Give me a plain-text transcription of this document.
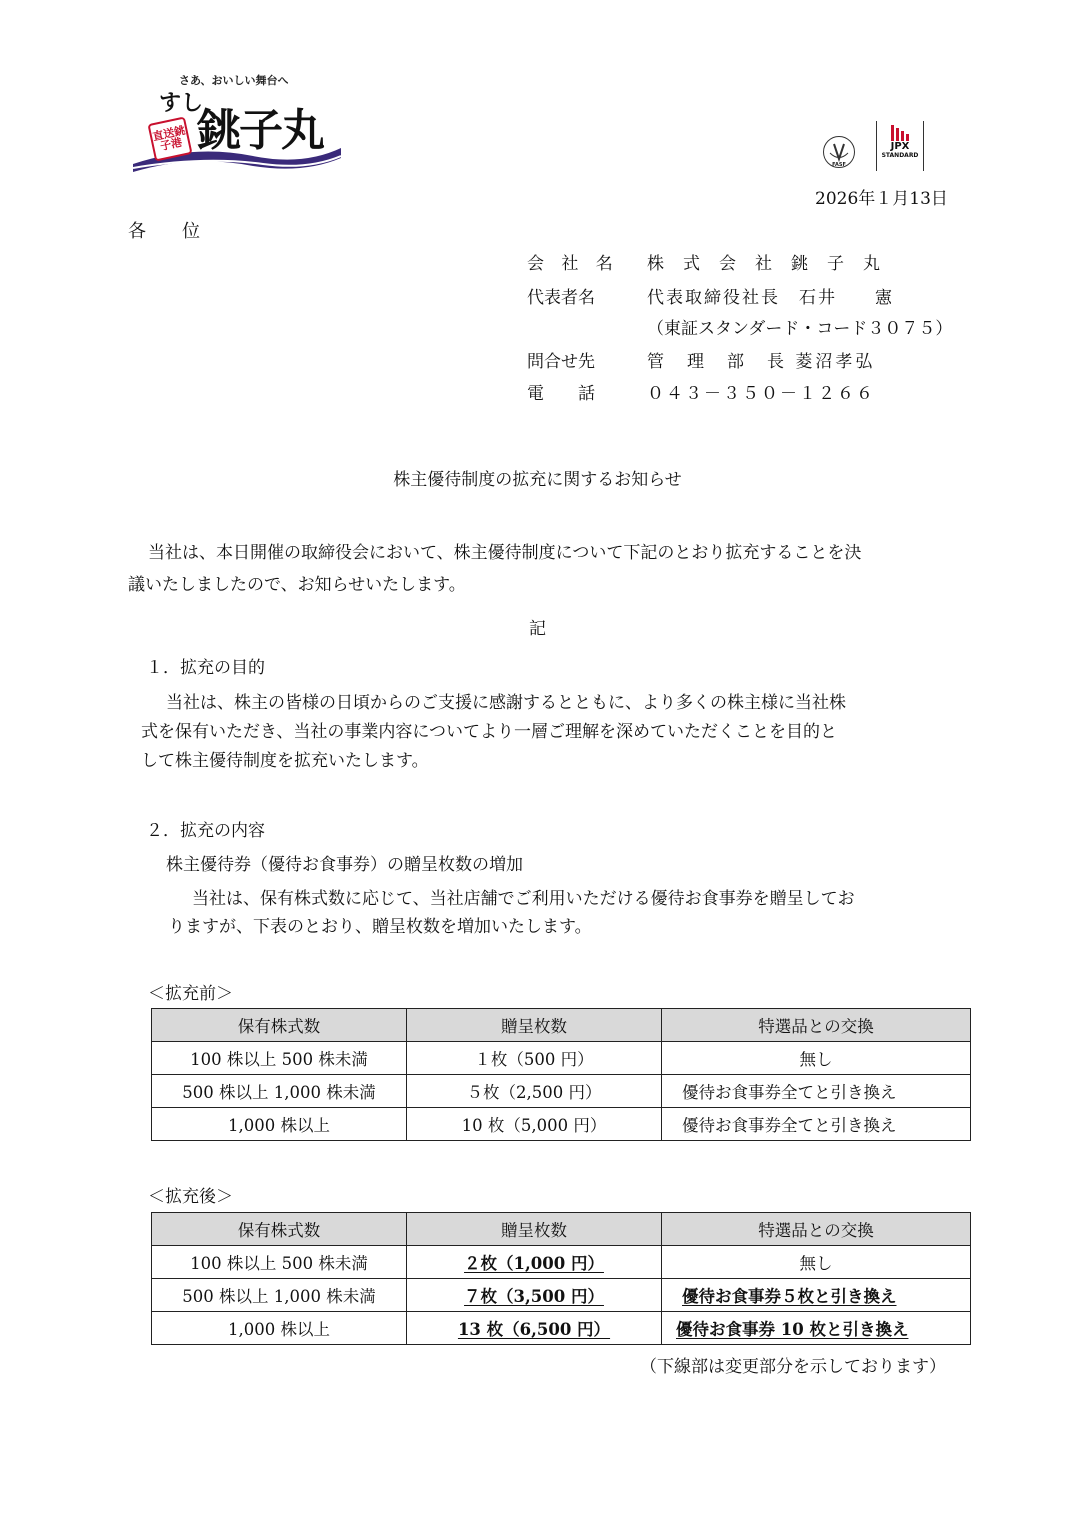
さあ、おいしい舞台へ
すし
銚子丸
直送銚子港
FASF
JPX
STANDARD
2026年１月13日
各　　位
会 社 名 株　式　会　社　銚　子　丸
代表者名	代表取締役社長　石井　　憲
（東証スタンダード・コード３０７５）
問合せ先	管　理　部　長 菱沼孝弘
電　　話	０４３－３５０－１２６６
株主優待制度の拡充に関するお知らせ
当社は、本日開催の取締役会において、株主優待制度について下記のとおり拡充することを決
議いたしましたので、お知らせいたします。
記
１．拡充の目的
当社は、株主の皆様の日頃からのご支援に感謝するとともに、より多くの株主様に当社株
式を保有いただき、当社の事業内容についてより一層ご理解を深めていただくことを目的と
して株主優待制度を拡充いたします。
２．拡充の内容
株主優待券（優待お食事券）の贈呈枚数の増加
当社は、保有株式数に応じて、当社店舗でご利用いただける優待お食事券を贈呈してお
りますが、下表のとおり、贈呈枚数を増加いたします。
＜拡充前＞
保有株式数	贈呈枚数	特選品との交換
100 株以上 500 株未満	１枚（500 円）	無し
500 株以上 1,000 株未満	５枚（2,500 円）	優待お食事券全てと引き換え
1,000 株以上	10 枚（5,000 円）	優待お食事券全てと引き換え
＜拡充後＞
保有株式数	贈呈枚数	特選品との交換
100 株以上 500 株未満	２枚（1,000 円）	無し
500 株以上 1,000 株未満	７枚（3,500 円）	優待お食事券５枚と引き換え
1,000 株以上	13 枚（6,500 円）	優待お食事券 10 枚と引き換え
（下線部は変更部分を示しております）
